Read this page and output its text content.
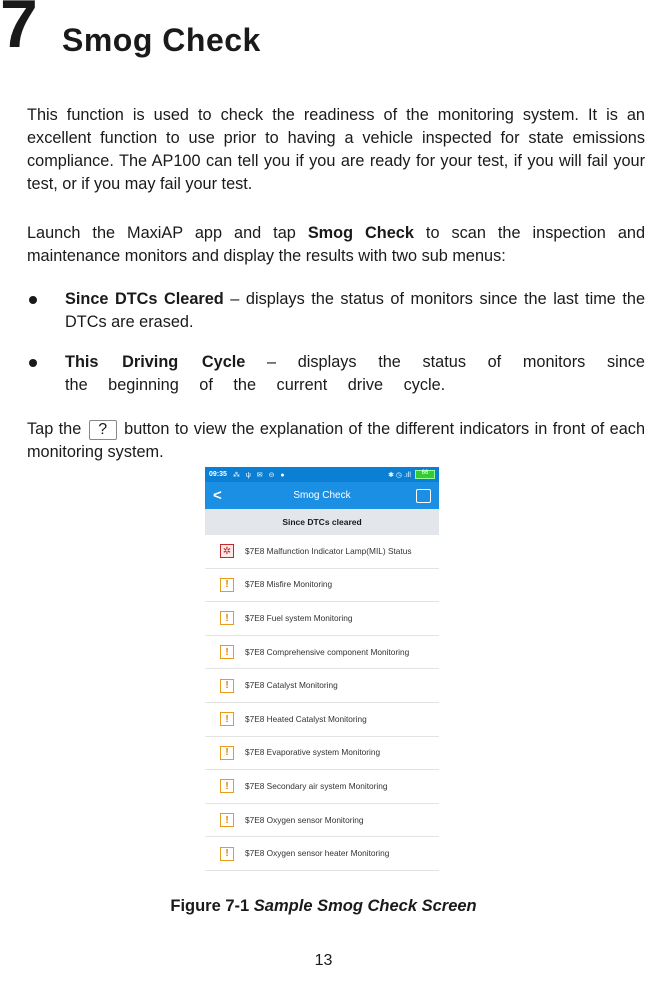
7 Smog Check
This function is used to check the readiness of the monitoring system. It is an excellent function to use prior to having a vehicle inspected for state emissions compliance. The AP100 can tell you if you are ready for your test, if you will fail your test, or if you may fail your test.
Launch the MaxiAP app and tap Smog Check to scan the inspection and maintenance monitors and display the results with two sub menus:
Since DTCs Cleared – displays the status of monitors since the last time the DTCs are erased.
This Driving Cycle – displays the status of monitors since the beginning of the current drive cycle.
Tap the ? button to view the explanation of the different indicators in front of each monitoring system.
09:35 ⁂ ψ ✉ ⊝ ●	✱ ◷ .ıll	66
<	Smog Check
Since DTCs cleared
✲	$7E8 Malfunction Indicator Lamp(MIL) Status
!	$7E8 Misfire Monitoring
!	$7E8 Fuel system Monitoring
!	$7E8 Comprehensive component Monitoring
!	$7E8 Catalyst Monitoring
!	$7E8 Heated Catalyst Monitoring
!	$7E8 Evaporative system Monitoring
!	$7E8 Secondary air system Monitoring
!	$7E8 Oxygen sensor Monitoring
!	$7E8 Oxygen sensor heater Monitoring
Figure 7-1 Sample Smog Check Screen
13
